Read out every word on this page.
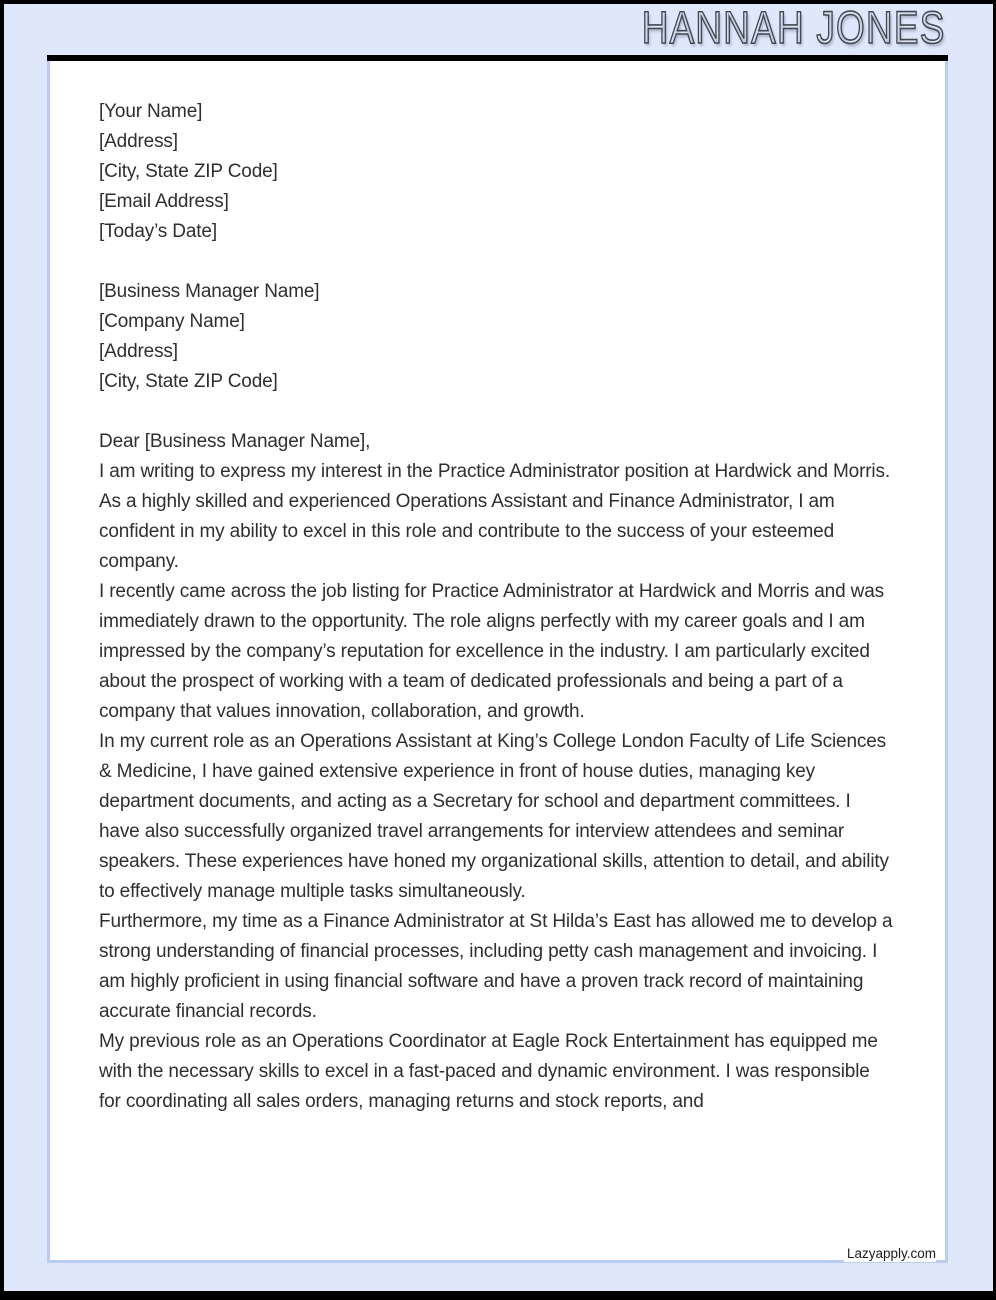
HANNAH JONES

[Your Name]

[Address]

[City, State ZIP Code]

[Email Address]

[Today’s Date]

[Business Manager Name]

[Company Name]

[Address]

[City, State ZIP Code]

Dear [Business Manager Name],

I am writing to express my interest in the Practice Administrator position at Hardwick and Morris. As a highly skilled and experienced Operations Assistant and Finance Administrator, I am confident in my ability to excel in this role and contribute to the success of your esteemed company.

I recently came across the job listing for Practice Administrator at Hardwick and Morris and was immediately drawn to the opportunity. The role aligns perfectly with my career goals and I am impressed by the company’s reputation for excellence in the industry. I am particularly excited about the prospect of working with a team of dedicated professionals and being a part of a company that values innovation, collaboration, and growth.

In my current role as an Operations Assistant at King’s College London Faculty of Life Sciences & Medicine, I have gained extensive experience in front of house duties, managing key department documents, and acting as a Secretary for school and department committees. I have also successfully organized travel arrangements for interview attendees and seminar speakers. These experiences have honed my organizational skills, attention to detail, and ability to effectively manage multiple tasks simultaneously.

Furthermore, my time as a Finance Administrator at St Hilda’s East has allowed me to develop a strong understanding of financial processes, including petty cash management and invoicing. I am highly proficient in using financial software and have a proven track record of maintaining accurate financial records.

My previous role as an Operations Coordinator at Eagle Rock Entertainment has equipped me with the necessary skills to excel in a fast-paced and dynamic environment. I was responsible for coordinating all sales orders, managing returns and stock reports, and

Lazyapply.com
